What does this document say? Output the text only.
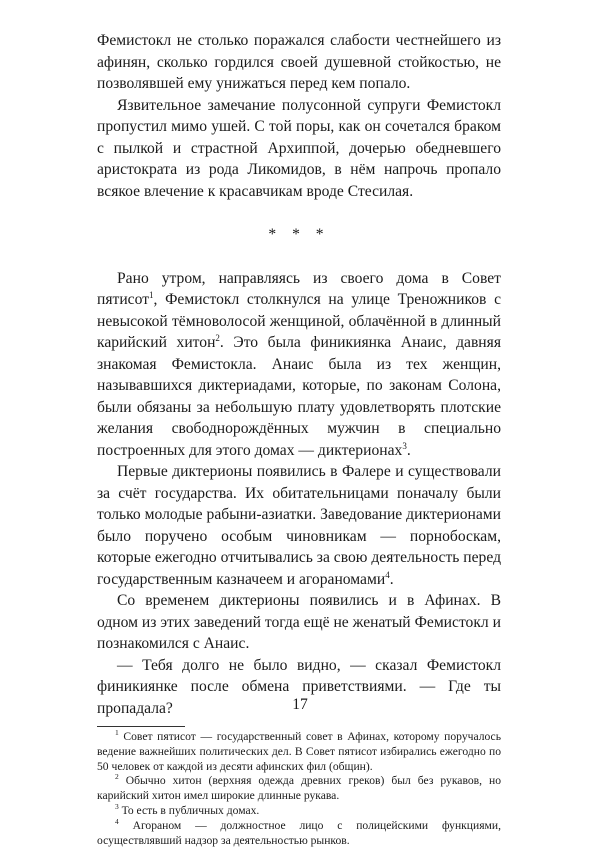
Фемистокл не столько поражался слабости честнейшего из афинян, сколько гордился своей душевной стойкостью, не позволявшей ему унижаться перед кем попало.

Язвительное замечание полусонной супруги Фемистокл пропустил мимо ушей. С той поры, как он сочетался браком с пылкой и страстной Архиппой, дочерью обедневшего аристократа из рода Ликомидов, в нём напрочь пропало всякое влечение к красавчикам вроде Стесилая.

* * *

Рано утром, направляясь из своего дома в Совет пятисот$^1$, Фемистокл столкнулся на улице Треножников с невысокой тёмноволосой женщиной, облачённой в длинный карийский хитон$^2$. Это была финикиянка Анаис, давняя знакомая Фемистокла. Анаис была из тех женщин, называвшихся диктериадами, которые, по законам Солона, были обязаны за небольшую плату удовлетворять плотские желания свободнорождённых мужчин в специально построенных для этого домах — диктерионах$^3$.

Первые диктерионы появились в Фалере и существовали за счёт государства. Их обитательницами поначалу были только молодые рабыни-азиатки. Заведование диктерионами было поручено особым чиновникам — порнобоскам, которые ежегодно отчитывались за свою деятельность перед государственным казначеем и агораномами$^4$.

Со временем диктерионы появились и в Афинах. В одном из этих заведений тогда ещё не женатый Фемистокл и познакомился с Анаис.

— Тебя долго не было видно, — сказал Фемистокл финикиянке после обмена приветствиями. — Где ты пропадала?

$^1$ Совет пятисот — государственный совет в Афинах, которому поручалось ведение важнейших политических дел. В Совет пятисот избирались ежегодно по 50 человек от каждой из десяти афинских фил (общин).

$^2$ Обычно хитон (верхняя одежда древних греков) был без рукавов, но карийский хитон имел широкие длинные рукава.

$^3$ То есть в публичных домах.

$^4$ Агораном — должностное лицо с полицейскими функциями, осуществлявший надзор за деятельностью рынков.

17
